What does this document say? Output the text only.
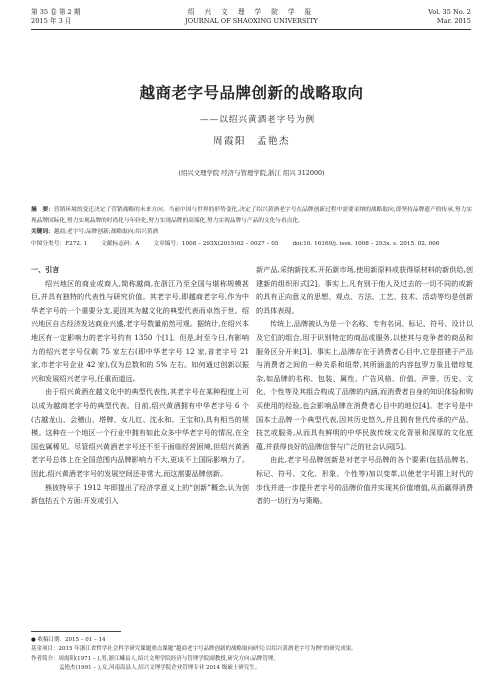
第 35 卷 第 2 期
2015 年 3 月
绍 兴 文 理 学 院 学 报
JOURNAL OF SHAOXING UNIVERSITY
Vol. 35 No. 2
Mar. 2015
越商老字号品牌创新的战略取向
——以绍兴黄酒老字号为例
周霞阳　孟艳杰
(绍兴文理学院 经济与管理学院,浙江 绍兴 312000)
摘　要：营销环境的变迁决定了营销战略的未来方向。当前中国与世界的形势变化,决定了绍兴黄酒老字号在品牌创新过程中需要采纳的战略取向,即坚持品牌遗产的传承,努力实现品牌国际化,努力实现品牌的时尚化与年轻化,努力实现品牌的高端化,努力实现品牌与产品的文化与看点化。
关键词：越商;老字号;品牌创新;战略取向;绍兴黄酒
中图分类号：F272. 1 文献标志码：A 文章编号：1008 – 293X(2015)02 – 0027 – 05 doi:10. 16169/j. issn. 1008 – 293x. s. 2015. 02. 006

一、引言

绍兴地区的商业或商人,简称越商,在浙江乃至全国与堪称规模甚巨,并具有独特的代表性与研究价值。其老字号,即越商老字号,作为中华老字号的一个重要分支,更因其为越文化的典型代表而卓然于世。绍兴地区自古经济发达商业兴盛,老字号数量前然可观。据统计,在绍兴本地区有一定影响力的老字号约有 1350 个[1]。但是,时至今日,有影响力的绍兴老字号仅剩 75 家左右(即中华老字号 12 家,省老字号 21 家,市老字号企业 42 家),仅为总数和的 5% 左右。如何通过创新以振兴和发展绍兴老字号,任重而道远。

由于绍兴黄酒在越文化中的典型代表性,其老字号在某种程度上可以成为越商老字号的典型代表。目前,绍兴黄酒拥有中华老字号 6 个(古越龙山、会稽山、塔牌、女儿红、沈永和、王宝和),具有相当的规模。这种在一个地区一个行业中拥有如此众多中华老字号的情况,在全国也属稀见。尽管绍兴黄酒老字号还不至于面临经营困境,但绍兴黄酒老字号总体上在全国范围内品牌影响力不大,更谈不上国际影响力了。因此,绍兴黄酒老字号的发展空间还非常大,而这需要品牌创新。

熊彼特早于 1912 年即提出了经济学意义上的“创新”概念,认为创新包括五个方面:开发或引入

新产品,采纳新技术,开拓新市场,使用新原料或获得原材料的新供给,创建新的组织形式[2]。事实上,凡有别于他人及过去的一切不同的或新的具有正向意义的思想、观点、方法、工艺、技术、活动等均是创新的具体表现。

传统上,品牌被认为是一个名称、专有名词、标记、符号、设计以及它们的组合,用于识别特定的商品或服务,以使其与竞争者的商品和服务区分开来[3]。事实上,品牌存在于消费者心目中,它是搭建于产品与消费者之间的一种关系和纽带,其所涵盖的内容包罗万象且错综复杂,如品牌的名称、包装、属性、广告风格、价值、声誉、历史、文化、个性等及其组合构成了品牌的内涵,而消费者自身的知识体验和购买使用的经验,也会影响品牌在消费者心目中的地位[4]。老字号是中国本土品牌一个典型代表,因其历史悠久,并且拥有世代传承的产品、技艺或服务,从而具有鲜明的中华民族传统文化背景和深厚的文化底蕴,并获得良好的品牌信誉与广泛的社会认同[5]。

由此,老字号品牌创新是对老字号品牌的各个要素(包括品牌名、标记、符号、文化、形象、个性等)加以变革,以使老字号跟上时代的步伐并进一步提升老字号的品牌价值并实现其价值增值,从而赢得消费者的一切行为与策略。

● 收稿日期：2015 – 01 – 14
基金项目：2015 年浙江省哲学社会科学研究课题重点课题“越商老字号品牌创新的战略取向研究:以绍兴黄酒老字号为例”的研究成果。
作者简介：周霞阳(1971 – ),男,浙江嵊县人,绍兴文理学院经济与管理学院副教授,研究方向:品牌管理。
孟艳杰(1991 – ),女,河南嵩县人,绍兴文理学院企业管理专业 2014 级硕士研究生。
